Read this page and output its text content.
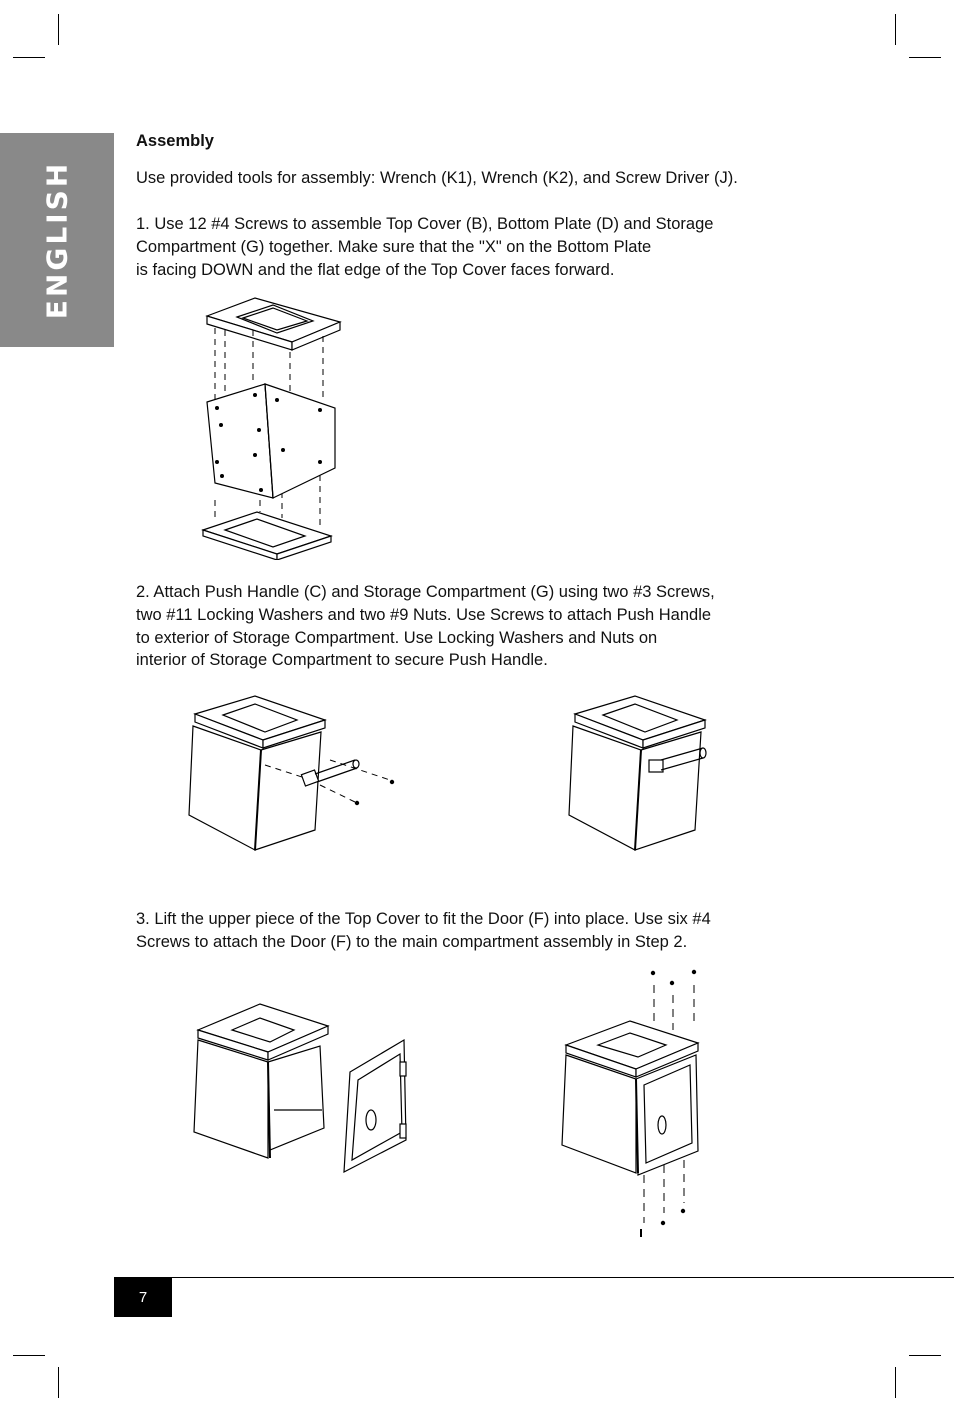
ENGLISH
Assembly
Use provided tools for assembly: Wrench (K1), Wrench (K2), and Screw Driver (J).
1. Use 12 #4 Screws to assemble Top Cover (B), Bottom Plate (D) and Storage
Compartment (G) together. Make sure that the "X" on the Bottom Plate
is facing DOWN and the flat edge of the Top Cover faces forward.
2. Attach Push Handle (C) and Storage Compartment (G) using two #3 Screws,
two #11 Locking Washers and two #9 Nuts. Use Screws to attach Push Handle
to exterior of Storage Compartment. Use Locking Washers and Nuts on
interior of Storage Compartment to secure Push Handle.
3. Lift the upper piece of the Top Cover to fit the Door (F) into place. Use six #4
Screws to attach the Door (F) to the main compartment assembly in Step 2.
7
